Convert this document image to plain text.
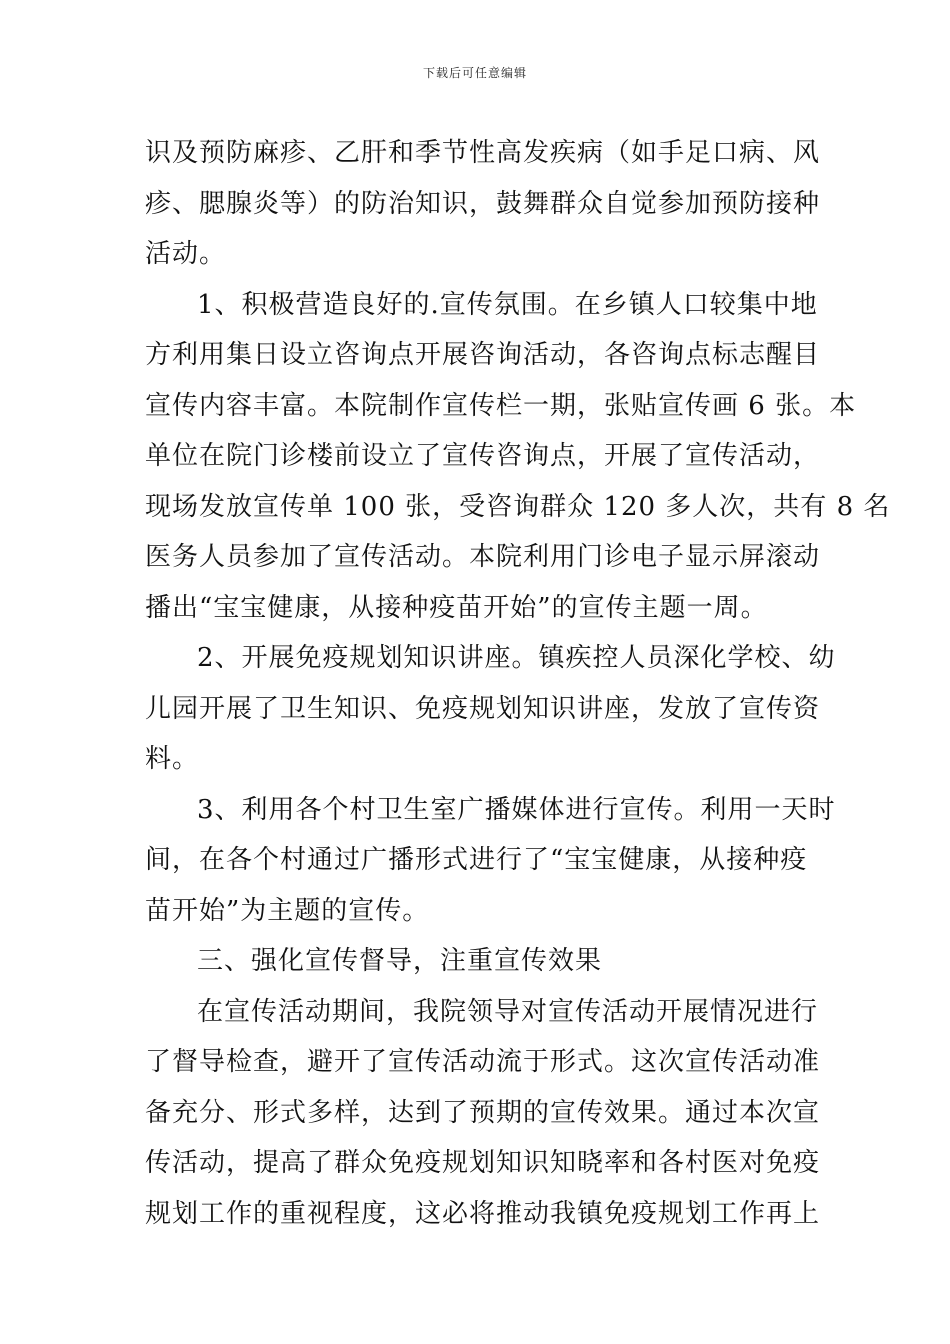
下载后可任意编辑
识及预防麻疹、乙肝和季节性高发疾病（如手足口病、风
疹、腮腺炎等）的防治知识，鼓舞群众自觉参加预防接种
活动。
1、积极营造良好的.宣传氛围。在乡镇人口较集中地
方利用集日设立咨询点开展咨询活动，各咨询点标志醒目
宣传内容丰富。本院制作宣传栏一期，张贴宣传画 6 张。本
单位在院门诊楼前设立了宣传咨询点，开展了宣传活动，
现场发放宣传单 100 张，受咨询群众 120 多人次，共有 8 名
医务人员参加了宣传活动。本院利用门诊电子显示屏滚动
播出“宝宝健康，从接种疫苗开始”的宣传主题一周。
2、开展免疫规划知识讲座。镇疾控人员深化学校、幼
儿园开展了卫生知识、免疫规划知识讲座，发放了宣传资
料。
3、利用各个村卫生室广播媒体进行宣传。利用一天时
间，在各个村通过广播形式进行了“宝宝健康，从接种疫
苗开始”为主题的宣传。
三、强化宣传督导，注重宣传效果
在宣传活动期间，我院领导对宣传活动开展情况进行
了督导检查，避开了宣传活动流于形式。这次宣传活动准
备充分、形式多样，达到了预期的宣传效果。通过本次宣
传活动，提高了群众免疫规划知识知晓率和各村医对免疫
规划工作的重视程度，这必将推动我镇免疫规划工作再上
